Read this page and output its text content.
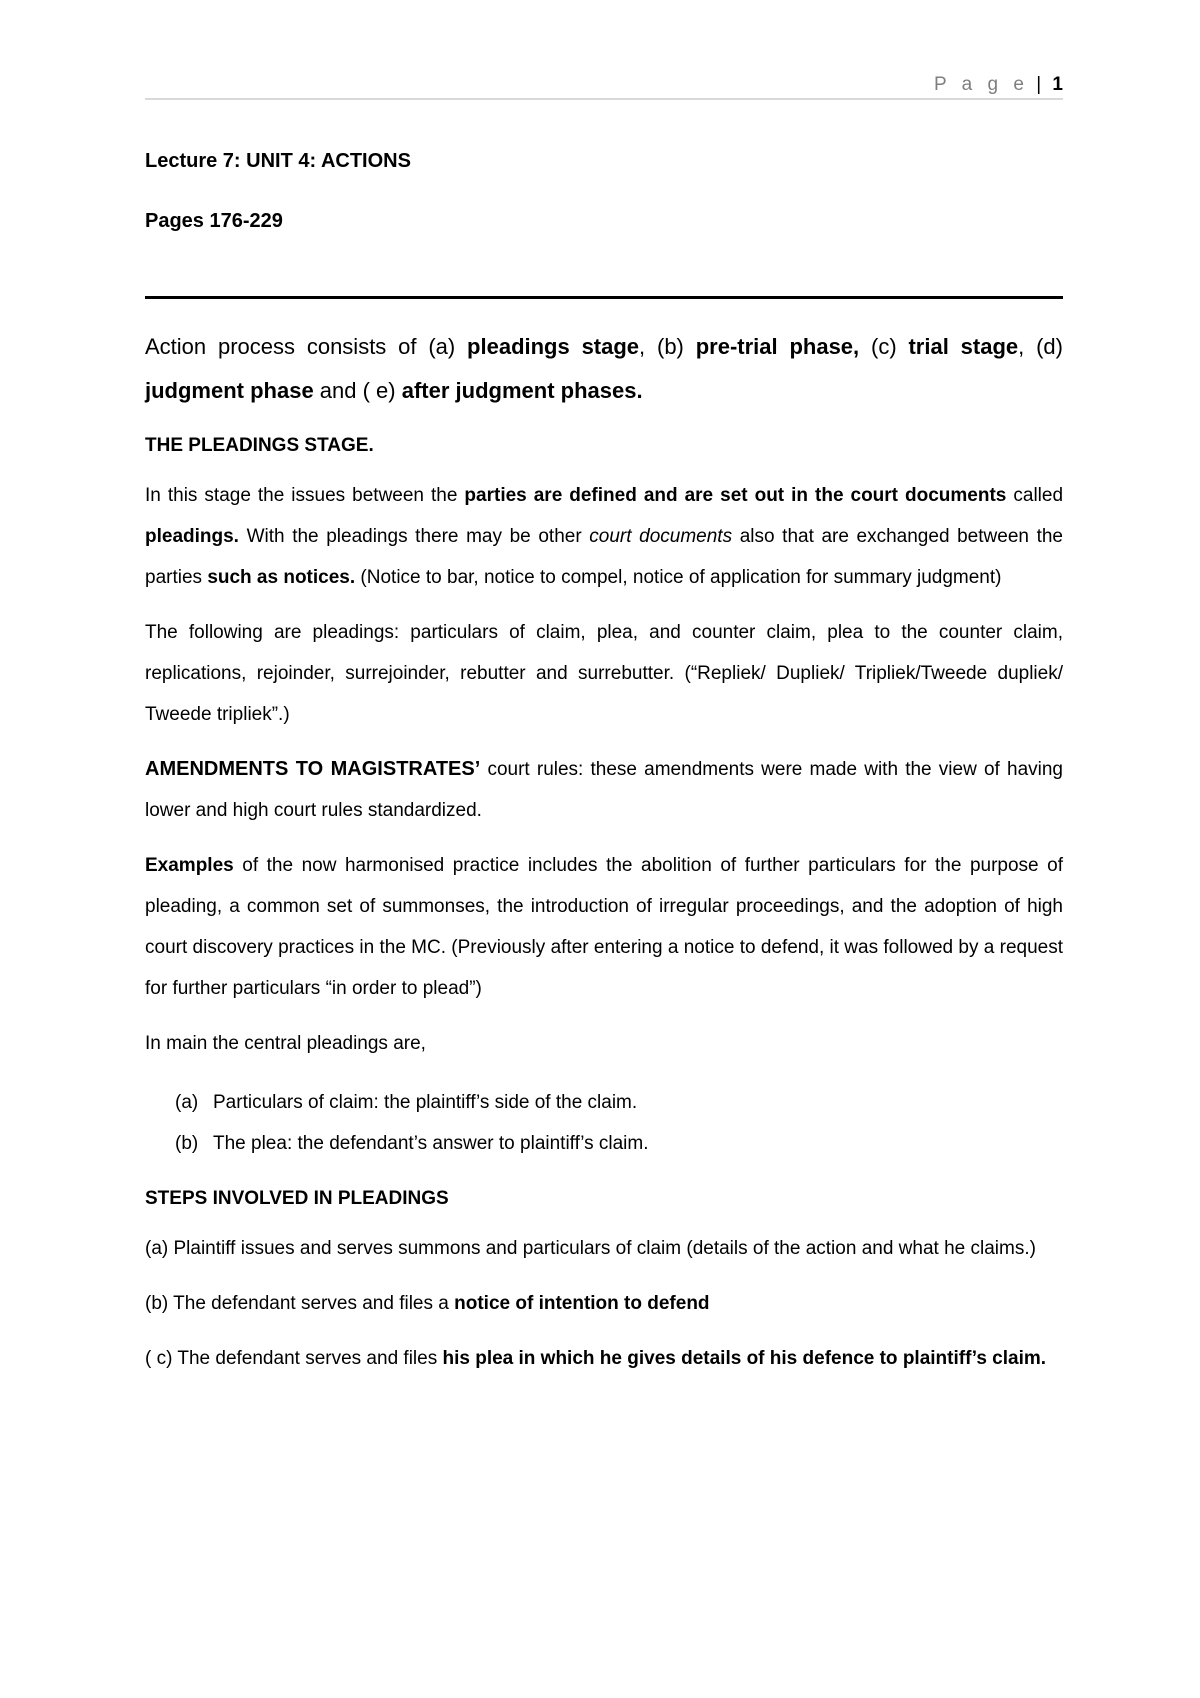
P a g e | 1
Lecture 7: UNIT 4: ACTIONS
Pages 176-229

Action process consists of (a) pleadings stage, (b) pre-trial phase, (c) trial stage, (d) judgment phase and ( e) after judgment phases.

THE PLEADINGS STAGE.

In this stage the issues between the parties are defined and are set out in the court documents called pleadings. With the pleadings there may be other court documents also that are exchanged between the parties such as notices. (Notice to bar, notice to compel, notice of application for summary judgment)

The following are pleadings: particulars of claim, plea, and counter claim, plea to the counter claim, replications, rejoinder, surrejoinder, rebutter and surrebutter. (“Repliek/ Dupliek/ Tripliek/Tweede dupliek/ Tweede tripliek”.)

AMENDMENTS TO MAGISTRATES’ court rules: these amendments were made with the view of having lower and high court rules standardized.

Examples of the now harmonised practice includes the abolition of further particulars for the purpose of pleading, a common set of summonses, the introduction of irregular proceedings, and the adoption of high court discovery practices in the MC. (Previously after entering a notice to defend, it was followed by a request for further particulars “in order to plead”)

In main the central pleadings are,

(a) Particulars of claim: the plaintiff’s side of the claim.
(b) The plea: the defendant’s answer to plaintiff’s claim.
STEPS INVOLVED IN PLEADINGS

(a) Plaintiff issues and serves summons and particulars of claim (details of the action and what he claims.)

(b) The defendant serves and files a notice of intention to defend

( c) The defendant serves and files his plea in which he gives details of his defence to plaintiff’s claim.
